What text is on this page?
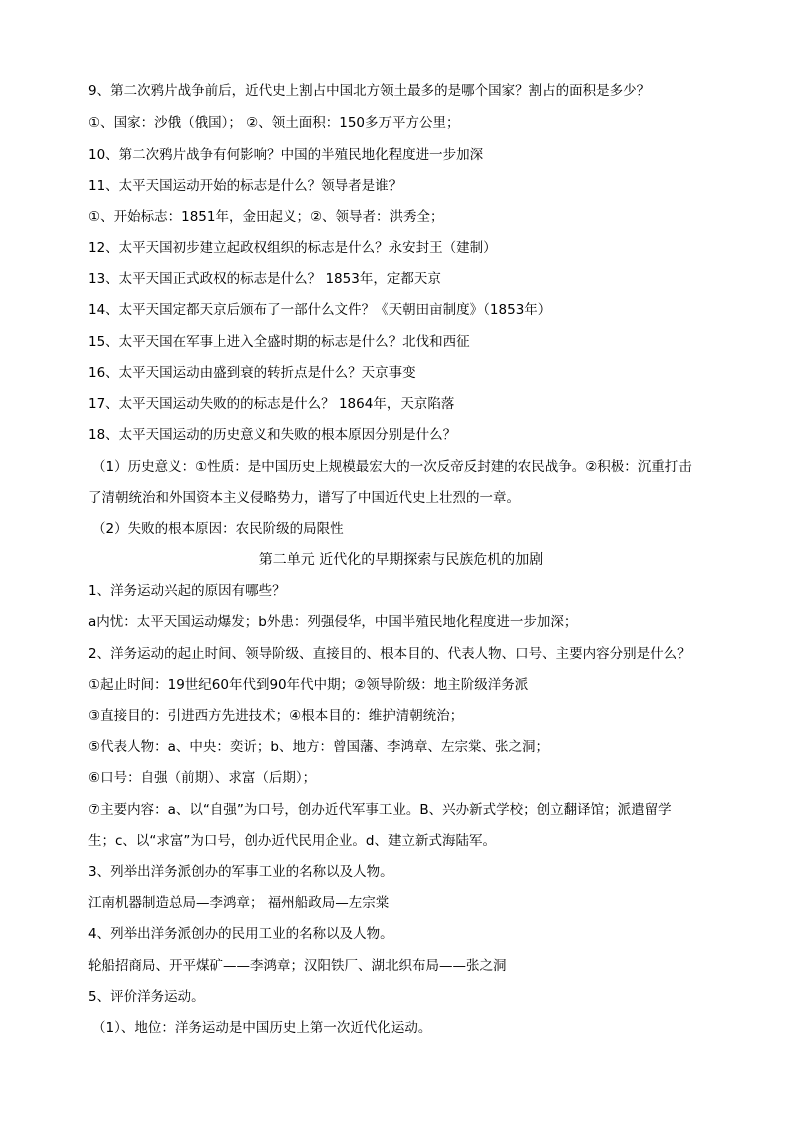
9、第二次鸦片战争前后，近代史上割占中国北方领土最多的是哪个国家？割占的面积是多少？
①、国家：沙俄（俄国）； ②、领土面积：150多万平方公里；
10、第二次鸦片战争有何影响？中国的半殖民地化程度进一步加深
11、太平天国运动开始的标志是什么？领导者是谁？
①、开始标志：1851年，金田起义；②、领导者：洪秀全；
12、太平天国初步建立起政权组织的标志是什么？永安封王（建制）
13、太平天国正式政权的标志是什么？ 1853年，定都天京
14、太平天国定都天京后颁布了一部什么文件？《天朝田亩制度》（1853年）
15、太平天国在军事上进入全盛时期的标志是什么？北伐和西征
16、太平天国运动由盛到衰的转折点是什么？天京事变
17、太平天国运动失败的的标志是什么？ 1864年，天京陷落
18、太平天国运动的历史意义和失败的根本原因分别是什么？
（1）历史意义：①性质：是中国历史上规模最宏大的一次反帝反封建的农民战争。②积极：沉重打击
了清朝统治和外国资本主义侵略势力，谱写了中国近代史上壮烈的一章。
（2）失败的根本原因：农民阶级的局限性
第二单元 近代化的早期探索与民族危机的加剧
1、洋务运动兴起的原因有哪些？
a内忧：太平天国运动爆发；b外患：列强侵华，中国半殖民地化程度进一步加深；
2、洋务运动的起止时间、领导阶级、直接目的、根本目的、代表人物、口号、主要内容分别是什么？
①起止时间：19世纪60年代到90年代中期；②领导阶级：地主阶级洋务派
③直接目的：引进西方先进技术；④根本目的：维护清朝统治；
⑤代表人物：a、中央：奕䜣；b、地方：曾国藩、李鸿章、左宗棠、张之洞；
⑥口号：自强（前期）、求富（后期）；
⑦主要内容：a、以“自强”为口号，创办近代军事工业。B、兴办新式学校；创立翻译馆；派遣留学
生；c、以“求富”为口号，创办近代民用企业。d、建立新式海陆军。
3、列举出洋务派创办的军事工业的名称以及人物。
江南机器制造总局—李鸿章； 福州船政局—左宗棠
4、列举出洋务派创办的民用工业的名称以及人物。
轮船招商局、开平煤矿——李鸿章；汉阳铁厂、湖北织布局——张之洞
5、评价洋务运动。
（1）、地位：洋务运动是中国历史上第一次近代化运动。
